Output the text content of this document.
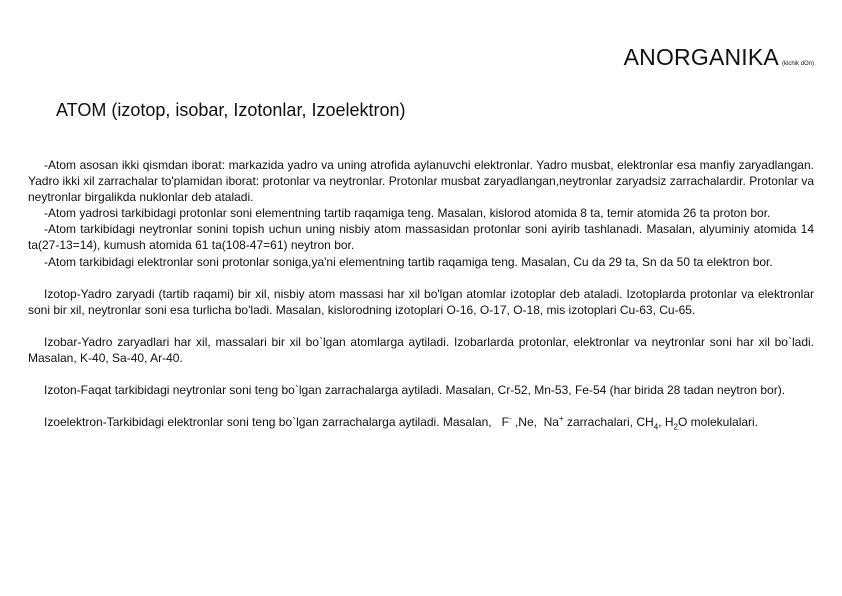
ANORGANIKA (kichik dOn)
ATOM (izotop, isobar, Izotonlar, Izoelektron)

-Atom asosan ikki qismdan iborat: markazida yadro va uning atrofida aylanuvchi elektronlar. Yadro musbat, elektronlar esa manfiy zaryadlangan. Yadro ikki xil zarrachalar to'plamidan iborat: protonlar va neytronlar. Protonlar musbat zaryadlangan,neytronlar zaryadsiz zarrachalardir. Protonlar va neytronlar birgalikda nuklonlar deb ataladi.

-Atom yadrosi tarkibidagi protonlar soni elementning tartib raqamiga teng. Masalan, kislorod atomida 8 ta, temir atomida 26 ta proton bor.

-Atom tarkibidagi neytronlar sonini topish uchun uning nisbiy atom massasidan protonlar soni ayirib tashlanadi. Masalan, alyuminiy atomida 14 ta(27-13=14), kumush atomida 61 ta(108-47=61) neytron bor.

-Atom tarkibidagi elektronlar soni protonlar soniga,ya'ni elementning tartib raqamiga teng. Masalan, Cu da 29 ta, Sn da 50 ta elektron bor.

Izotop-Yadro zaryadi (tartib raqami) bir xil, nisbiy atom massasi har xil bo'lgan atomlar izotoplar deb ataladi. Izotoplarda protonlar va elektronlar soni bir xil, neytronlar soni esa turlicha bo'ladi. Masalan, kislorodning izotoplari O-16, O-17, O-18, mis izotoplari Cu-63, Cu-65.

Izobar-Yadro zaryadlari har xil, massalari bir xil bo`lgan atomlarga aytiladi. Izobarlarda protonlar, elektronlar va neytronlar soni har xil bo`ladi. Masalan, K-40, Sa-40, Ar-40.

Izoton-Faqat tarkibidagi neytronlar soni teng bo`lgan zarrachalarga aytiladi. Masalan, Cr-52, Mn-53, Fe-54 (har birida 28 tadan neytron bor).

Izoelektron-Tarkibidagi elektronlar soni teng bo`lgan zarrachalarga aytiladi. Masalan, F- ,Ne, Na+ zarrachalari, $CH_4$, $H_2O$ molekulalari.
